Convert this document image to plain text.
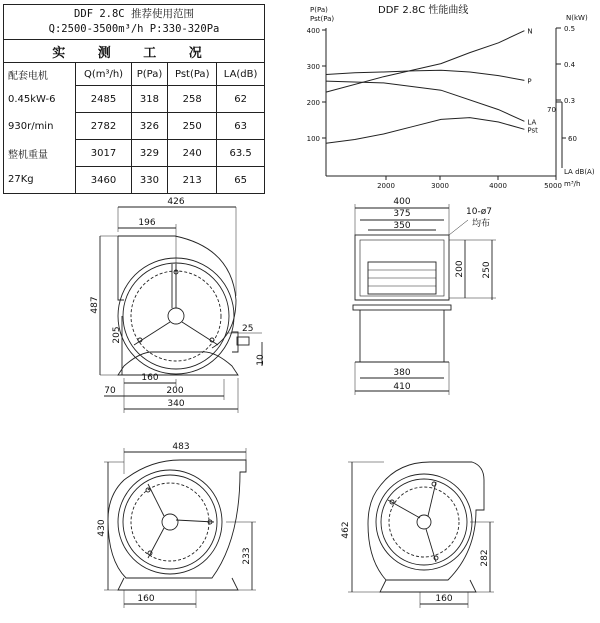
DDF 2.8C 推荐使用范围
Q:2500-3500m³/h P:330-320Pa				

实 测 工 况				
配套电机	Q(m³/h)	P(Pa)	Pst(Pa)	LA(dB)
0.45kW-6	2485	318	258	62
930r/min	2782	326	250	63
整机重量	3017	329	240	63.5
27Kg	3460	330	213	65
DDF 2.8C 性能曲线
P(Pa)
Pst(Pa)	N(kW)
LA dB(A)
m³/h
400
300
200
100
0.5
0.4
0.3
70
60
2000	3000	4000	5000
N
P
LA
Pst
426
196
487
205	25
10
160
200
70
340
400
375
350
200 250
10-ø7
均布
380
410
483
430
233
160
462
282
160
